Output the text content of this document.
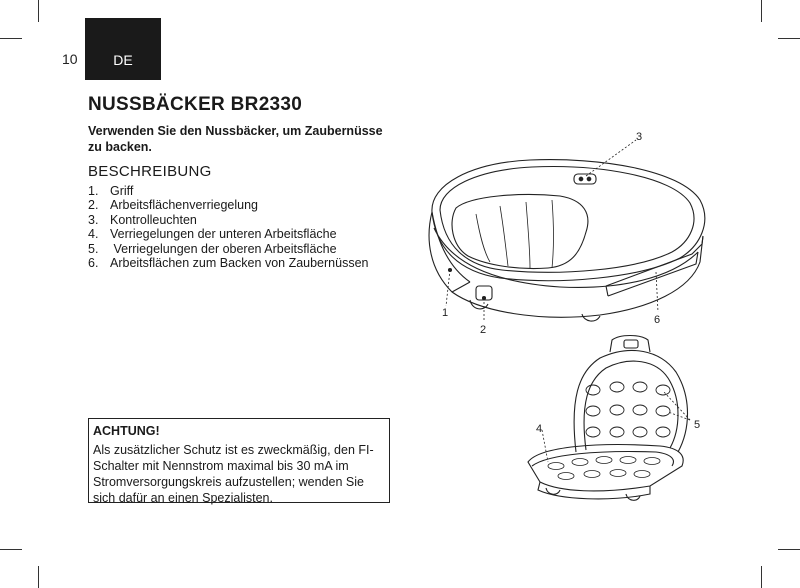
10	DE
NUSSBÄCKER BR2330

Verwenden Sie den Nussbäcker, um Zaubernüsse zu backen.

BESCHREIBUNG
1. Griff
2. Arbeitsflächenverriegelung
3. Kontrolleuchten
4. Verriegelungen der unteren Arbeitsfläche
5. Verriegelungen der oberen Arbeitsfläche
6. Arbeitsflächen zum Backen von Zaubernüssen

ACHTUNG!

Als zusätzlicher Schutz ist es zweckmäßig, den FI-Schalter mit Nennstrom maximal bis 30 mA im Stromversorgungskreis aufzustellen; wenden Sie sich dafür an einen Spezialisten.

1
2
3
6
4	5
